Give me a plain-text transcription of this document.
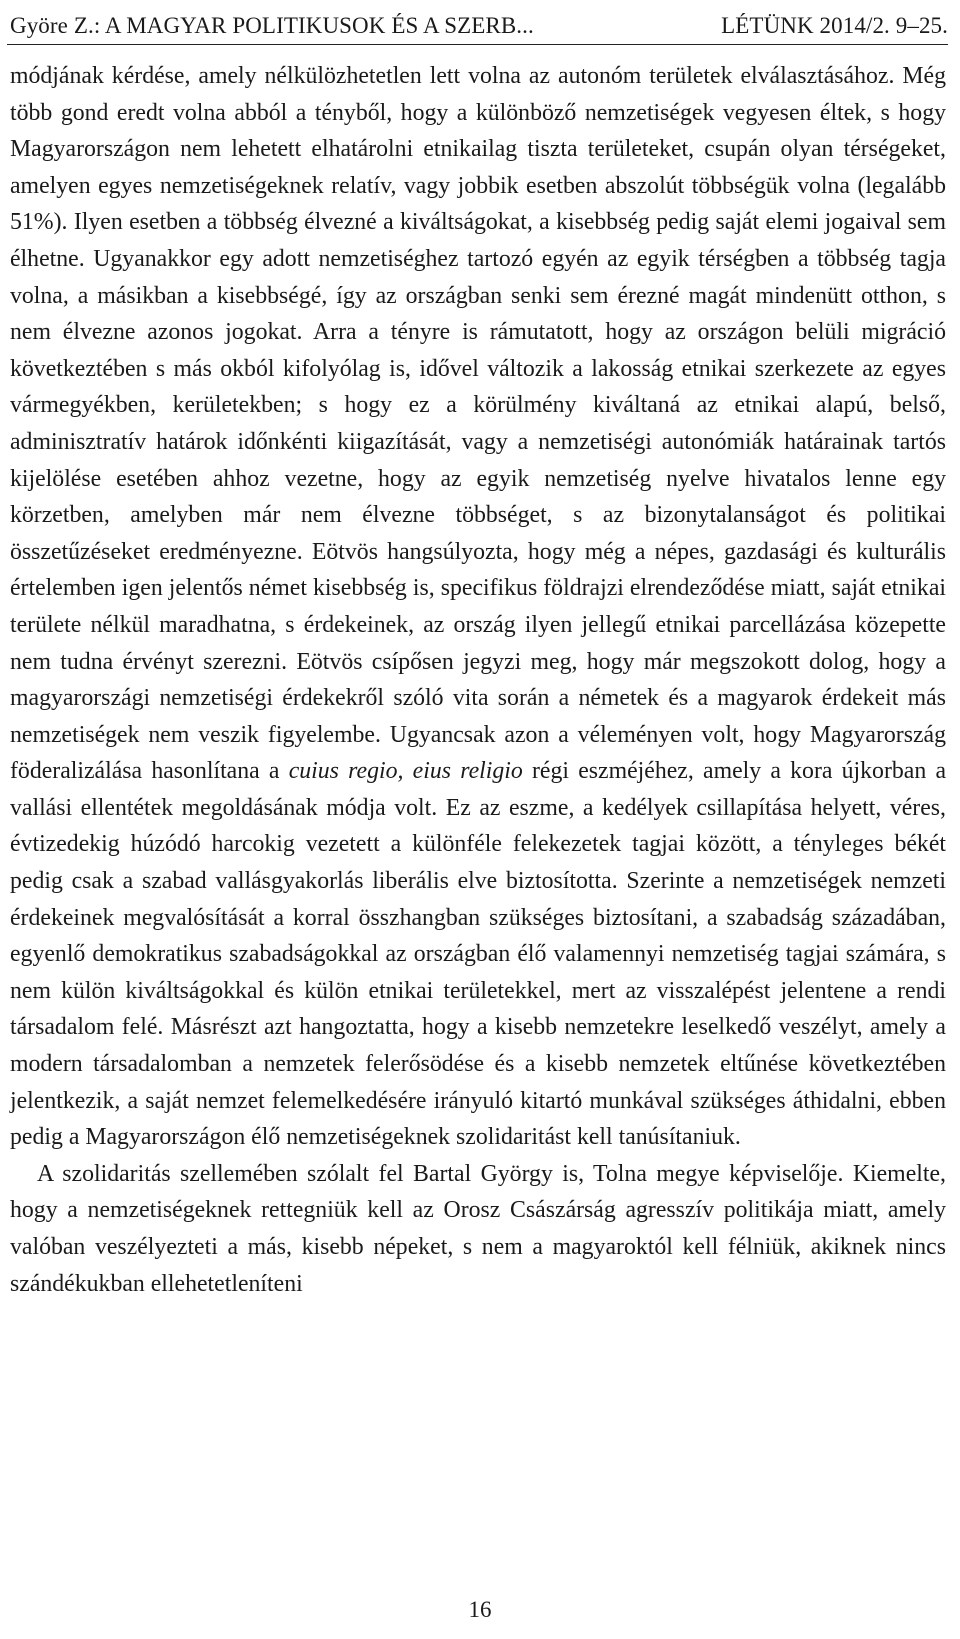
Györe Z.: A MAGYAR POLITIKUSOK ÉS A SZERB...	LÉTÜNK 2014/2. 9–25.

módjának kérdése, amely nélkülözhetetlen lett volna az autonóm területek elválasztásához. Még több gond eredt volna abból a tényből, hogy a különböző nemzetiségek vegyesen éltek, s hogy Magyarországon nem lehetett elhatárolni etnikailag tiszta területeket, csupán olyan térségeket, amelyen egyes nemzetiségeknek relatív, vagy jobbik esetben abszolút többségük volna (legalább 51%). Ilyen esetben a többség élvezné a kiváltságokat, a kisebbség pedig saját elemi jogaival sem élhetne. Ugyanakkor egy adott nemzetiséghez tartozó egyén az egyik térségben a többség tagja volna, a másikban a kisebbségé, így az országban senki sem érezné magát mindenütt otthon, s nem élvezne azonos jogokat. Arra a tényre is rámutatott, hogy az országon belüli migráció következtében s más okból kifolyólag is, idővel változik a lakosság etnikai szerkezete az egyes vármegyékben, kerületekben; s hogy ez a körülmény kiváltaná az etnikai alapú, belső, adminisztratív határok időnkénti kiigazítását, vagy a nemzetiségi autonómiák határainak tartós kijelölése esetében ahhoz vezetne, hogy az egyik nemzetiség nyelve hivatalos lenne egy körzetben, amelyben már nem élvezne többséget, s az bizonytalanságot és politikai összetűzéseket eredményezne. Eötvös hangsúlyozta, hogy még a népes, gazdasági és kulturális értelemben igen jelentős német kisebbség is, specifikus földrajzi elrendeződése miatt, saját etnikai területe nélkül maradhatna, s érdekeinek, az ország ilyen jellegű etnikai parcellázása közepette nem tudna érvényt szerezni. Eötvös csípősen jegyzi meg, hogy már megszokott dolog, hogy a magyarországi nemzetiségi érdekekről szóló vita során a németek és a magyarok érdekeit más nemzetiségek nem veszik figyelembe. Ugyancsak azon a véleményen volt, hogy Magyarország föderalizálása hasonlítana a cuius regio, eius religio régi eszméjéhez, amely a kora újkorban a vallási ellentétek megoldásának módja volt. Ez az eszme, a kedélyek csillapítása helyett, véres, évtizedekig húzódó harcokig vezetett a különféle felekezetek tagjai között, a tényleges békét pedig csak a szabad vallásgyakorlás liberális elve biztosította. Szerinte a nemzetiségek nemzeti érdekeinek megvalósítását a korral összhangban szükséges biztosítani, a szabadság századában, egyenlő demokratikus szabadságokkal az országban élő valamennyi nemzetiség tagjai számára, s nem külön kiváltságokkal és külön etnikai területekkel, mert az visszalépést jelentene a rendi társadalom felé. Másrészt azt hangoztatta, hogy a kisebb nemzetekre leselkedő veszélyt, amely a modern társadalomban a nemzetek felerősödése és a kisebb nemzetek eltűnése következtében jelentkezik, a saját nemzet felemelkedésére irányuló kitartó munkával szükséges áthidalni, ebben pedig a Magyarországon élő nemzetiségeknek szolidaritást kell tanúsítaniuk.

A szolidaritás szellemében szólalt fel Bartal György is, Tolna megye képviselője. Kiemelte, hogy a nemzetiségeknek rettegniük kell az Orosz Császárság agresszív politikája miatt, amely valóban veszélyezteti a más, kisebb népeket, s nem a magyaroktól kell félniük, akiknek nincs szándékukban ellehetetleníteni

16
